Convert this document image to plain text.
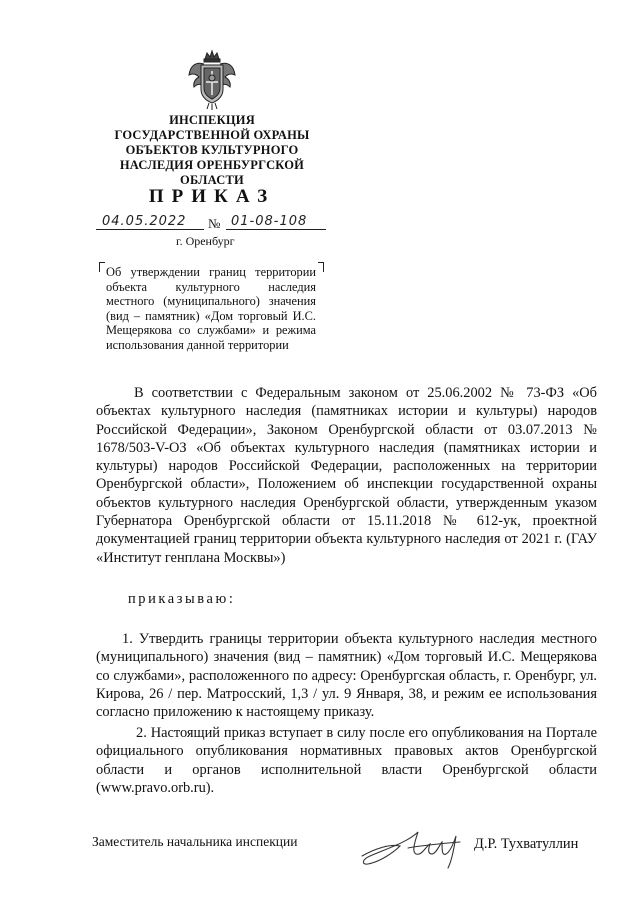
ИНСПЕКЦИЯ
ГОСУДАРСТВЕННОЙ ОХРАНЫ
ОБЪЕКТОВ КУЛЬТУРНОГО
НАСЛЕДИЯ ОРЕНБУРГСКОЙ
ОБЛАСТИ
ПРИКАЗ
04.05.2022 № 01-08-108
г. Оренбург
Об утверждении границ территории объекта культурного наследия местного (муниципального) значения (вид – памятник) «Дом торговый И.С. Мещерякова со службами» и режима использования данной территории
В соответствии с Федеральным законом от 25.06.2002 № 73-ФЗ «Об объектах культурного наследия (памятниках истории и культуры) народов Российской Федерации», Законом Оренбургской области от 03.07.2013 № 1678/503-V-ОЗ «Об объектах культурного наследия (памятниках истории и культуры) народов Российской Федерации, расположенных на территории Оренбургской области», Положением об инспекции государственной охраны объектов культурного наследия Оренбургской области, утвержденным указом Губернатора Оренбургской области от 15.11.2018 № 612-ук, проектной документацией границ территории объекта культурного наследия от 2021 г. (ГАУ «Институт генплана Москвы»)
приказываю:
1. Утвердить границы территории объекта культурного наследия местного (муниципального) значения (вид – памятник) «Дом торговый И.С. Мещерякова со службами», расположенного по адресу: Оренбургская область, г. Оренбург, ул. Кирова, 26 / пер. Матросский, 1,3 / ул. 9 Января, 38, и режим ее использования согласно приложению к настоящему приказу.
2. Настоящий приказ вступает в силу после его опубликования на Портале официального опубликования нормативных правовых актов Оренбургской области и органов исполнительной власти Оренбургской области (www.pravo.orb.ru).
Заместитель начальника инспекции	Д.Р. Тухватуллин
